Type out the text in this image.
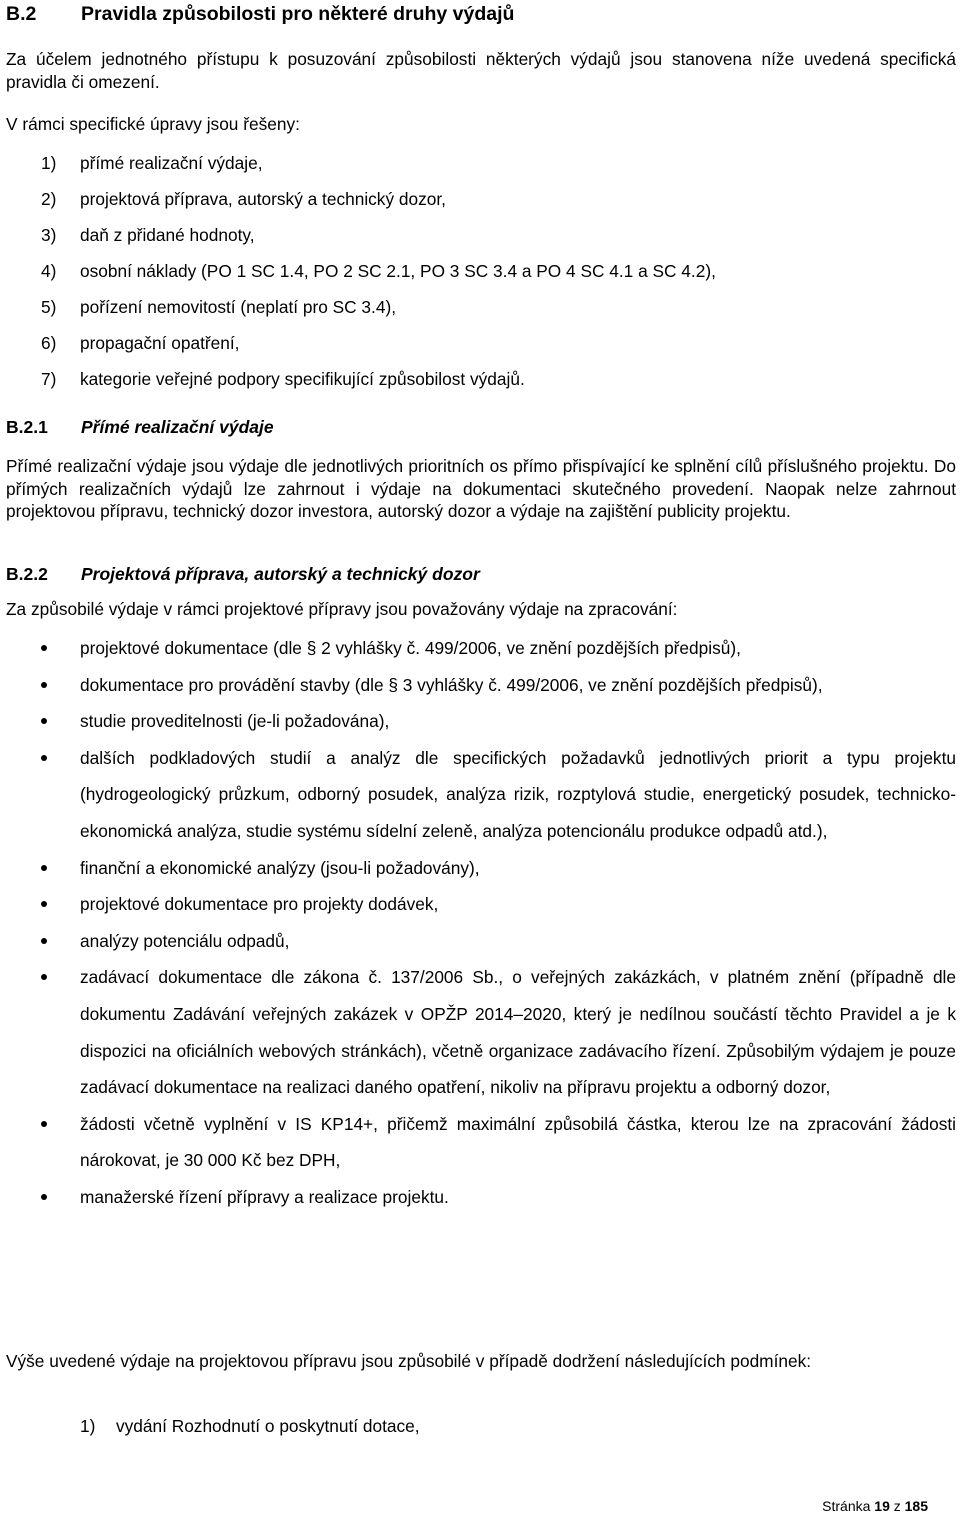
B.2 Pravidla způsobilosti pro některé druhy výdajů
Za účelem jednotného přístupu k posuzování způsobilosti některých výdajů jsou stanovena níže uvedená specifická pravidla či omezení.
V rámci specifické úpravy jsou řešeny:
1) přímé realizační výdaje,
2) projektová příprava, autorský a technický dozor,
3) daň z přidané hodnoty,
4) osobní náklady (PO 1 SC 1.4, PO 2 SC 2.1, PO 3 SC 3.4 a PO 4 SC 4.1 a SC 4.2),
5) pořízení nemovitostí (neplatí pro SC 3.4),
6) propagační opatření,
7) kategorie veřejné podpory specifikující způsobilost výdajů.
B.2.1 Přímé realizační výdaje
Přímé realizační výdaje jsou výdaje dle jednotlivých prioritních os přímo přispívající ke splnění cílů příslušného projektu. Do přímých realizačních výdajů lze zahrnout i výdaje na dokumentaci skutečného provedení. Naopak nelze zahrnout projektovou přípravu, technický dozor investora, autorský dozor a výdaje na zajištění publicity projektu.
B.2.2 Projektová příprava, autorský a technický dozor
Za způsobilé výdaje v rámci projektové přípravy jsou považovány výdaje na zpracování:
projektové dokumentace (dle § 2 vyhlášky č. 499/2006, ve znění pozdějších předpisů),
dokumentace pro provádění stavby (dle § 3 vyhlášky č. 499/2006, ve znění pozdějších předpisů),
studie proveditelnosti (je-li požadována),
dalších podkladových studií a analýz dle specifických požadavků jednotlivých priorit a typu projektu (hydrogeologický průzkum, odborný posudek, analýza rizik, rozptylová studie, energetický posudek, technicko-ekonomická analýza, studie systému sídelní zeleně, analýza potencionálu produkce odpadů atd.),
finanční a ekonomické analýzy (jsou-li požadovány),
projektové dokumentace pro projekty dodávek,
analýzy potenciálu odpadů,
zadávací dokumentace dle zákona č. 137/2006 Sb., o veřejných zakázkách, v platném znění (případně dle dokumentu Zadávání veřejných zakázek v OPŽP 2014–2020, který je nedílnou součástí těchto Pravidel a je k dispozici na oficiálních webových stránkách), včetně organizace zadávacího řízení. Způsobilým výdajem je pouze zadávací dokumentace na realizaci daného opatření, nikoliv na přípravu projektu a odborný dozor,
žádosti včetně vyplnění v IS KP14+, přičemž maximální způsobilá částka, kterou lze na zpracování žádosti nárokovat, je 30 000 Kč bez DPH,
manažerské řízení přípravy a realizace projektu.
Výše uvedené výdaje na projektovou přípravu jsou způsobilé v případě dodržení následujících podmínek:
1) vydání Rozhodnutí o poskytnutí dotace,
Stránka 19 z 185
